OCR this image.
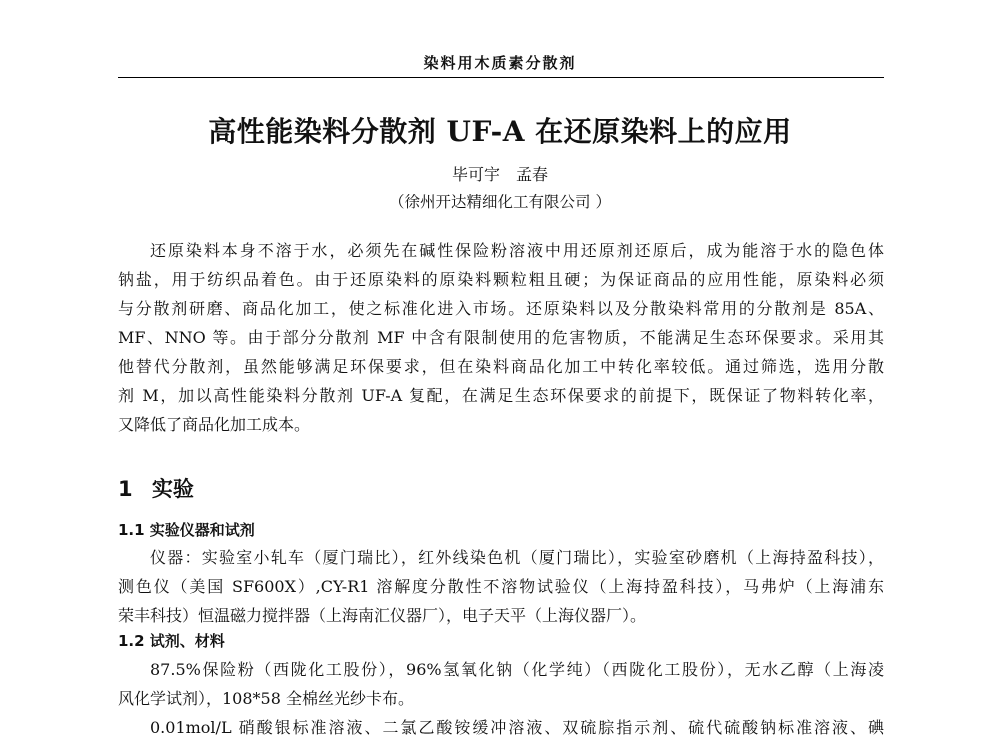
染料用木质素分散剂
高性能染料分散剂 UF-A 在还原染料上的应用
毕可宇　孟春
（徐州开达精细化工有限公司 ）

还原染料本身不溶于水，必须先在碱性保险粉溶液中用还原剂还原后，成为能溶于水的隐色体

钠盐，用于纺织品着色。由于还原染料的原染料颗粒粗且硬；为保证商品的应用性能，原染料必须

与分散剂研磨、商品化加工，使之标准化进入市场。还原染料以及分散染料常用的分散剂是 85A、

MF、NNO 等。由于部分分散剂 MF 中含有限制使用的危害物质，不能满足生态环保要求。采用其

他替代分散剂，虽然能够满足环保要求，但在染料商品化加工中转化率较低。通过筛选，选用分散

剂 M，加以高性能染料分散剂 UF-A 复配，在满足生态环保要求的前提下，既保证了物料转化率，

又降低了商品化加工成本。

1 实验
1.1 实验仪器和试剂

仪器：实验室小轧车（厦门瑞比），红外线染色机（厦门瑞比），实验室砂磨机（上海持盈科技），

测色仪（美国 SF600X）,CY-R1 溶解度分散性不溶物试验仪（上海持盈科技），马弗炉（上海浦东

荣丰科技）恒温磁力搅拌器（上海南汇仪器厂），电子天平（上海仪器厂）。

1.2 试剂、材料

87.5%保险粉（西陇化工股份），96%氢氧化钠（化学纯）（西陇化工股份），无水乙醇（上海凌

风化学试剂），108*58 全棉丝光纱卡布。

0.01mol/L 硝酸银标准溶液、二氯乙酸铵缓冲溶液、双硫腙指示剂、硫代硫酸钠标准溶液、碘
